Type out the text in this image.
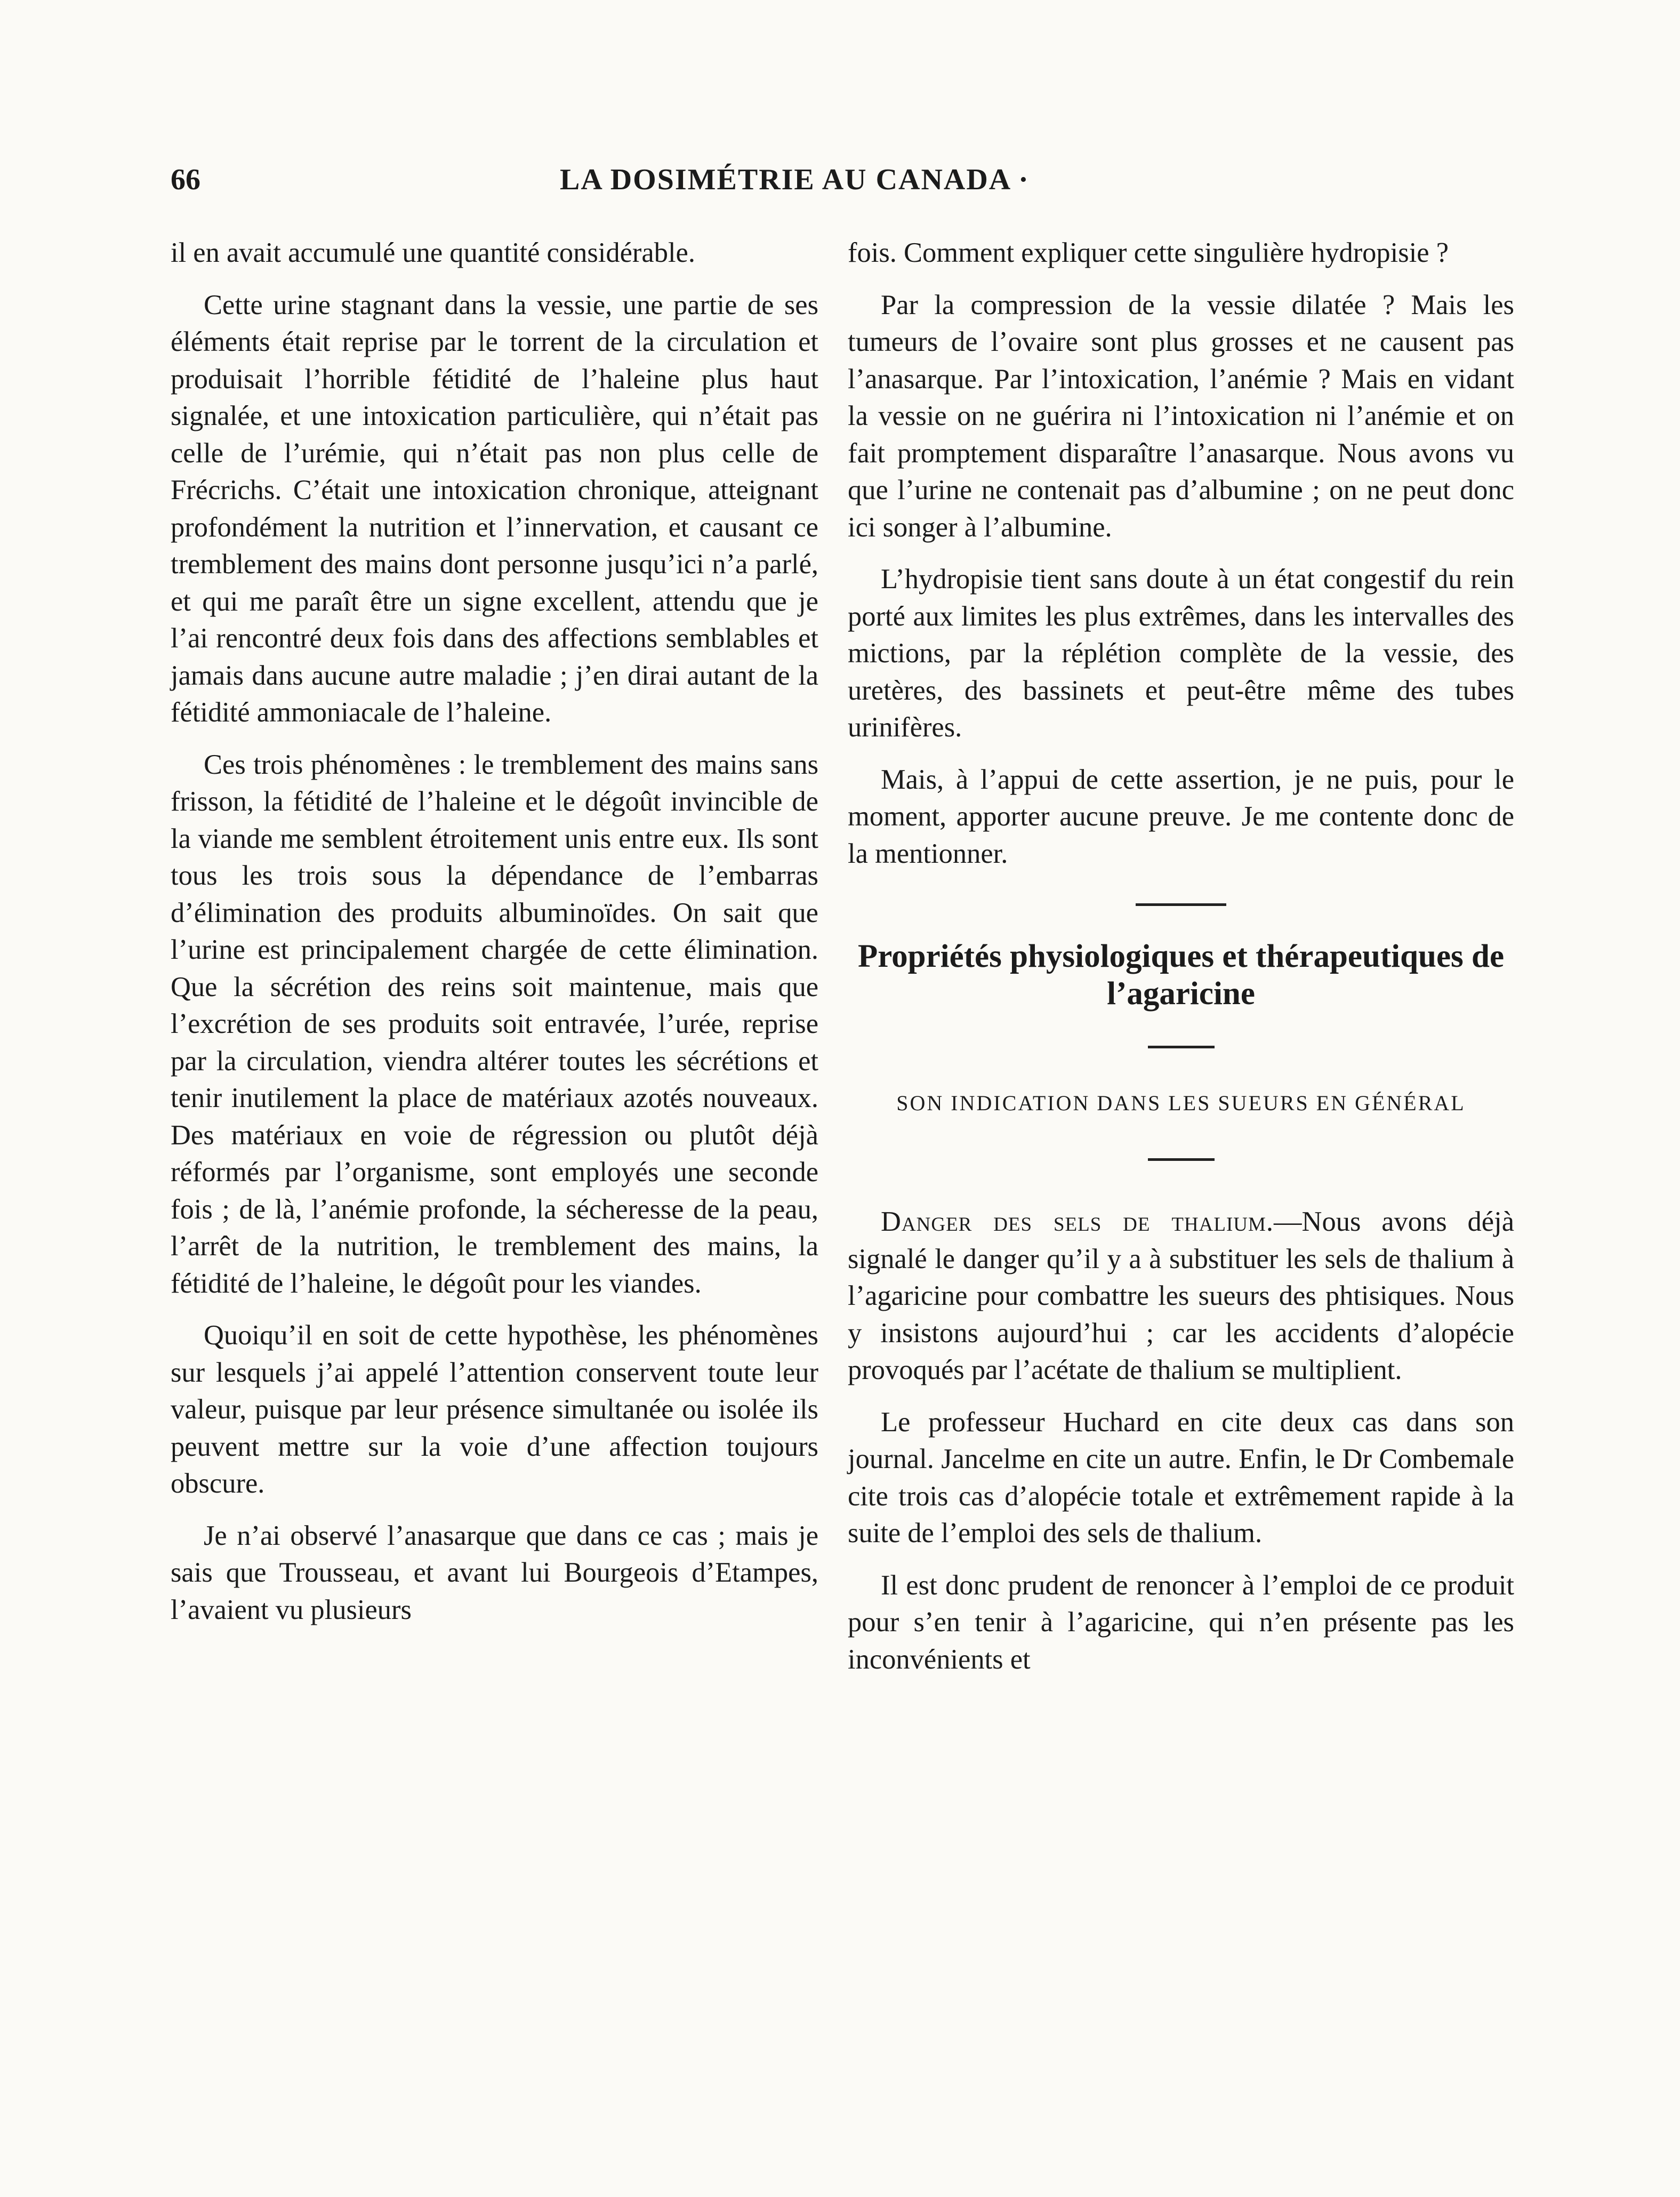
66	LA DOSIMÉTRIE AU CANADA ·

il en avait accumulé une quantité considérable.

Cette urine stagnant dans la vessie, une partie de ses éléments était reprise par le torrent de la circulation et produisait l’horrible fétidité de l’haleine plus haut signalée, et une intoxication particulière, qui n’était pas celle de l’urémie, qui n’était pas non plus celle de Frécrichs. C’était une intoxication chronique, atteignant profondément la nutrition et l’innervation, et causant ce tremblement des mains dont personne jusqu’ici n’a parlé, et qui me paraît être un signe excellent, attendu que je l’ai rencontré deux fois dans des affections semblables et jamais dans aucune autre maladie ; j’en dirai autant de la fétidité ammoniacale de l’haleine.

Ces trois phénomènes : le tremblement des mains sans frisson, la fétidité de l’haleine et le dégoût invincible de la viande me semblent étroitement unis entre eux. Ils sont tous les trois sous la dépendance de l’embarras d’élimination des produits albuminoïdes. On sait que l’urine est principalement chargée de cette élimination. Que la sécrétion des reins soit maintenue, mais que l’excrétion de ses produits soit entravée, l’urée, reprise par la circulation, viendra altérer toutes les sécrétions et tenir inutilement la place de matériaux azotés nouveaux. Des matériaux en voie de régression ou plutôt déjà réformés par l’organisme, sont employés une seconde fois ; de là, l’anémie profonde, la sécheresse de la peau, l’arrêt de la nutrition, le tremblement des mains, la fétidité de l’haleine, le dégoût pour les viandes.

Quoiqu’il en soit de cette hypothèse, les phénomènes sur lesquels j’ai appelé l’attention conservent toute leur valeur, puisque par leur présence simultanée ou isolée ils peuvent mettre sur la voie d’une affection toujours obscure.

Je n’ai observé l’anasarque que dans ce cas ; mais je sais que Trousseau, et avant lui Bourgeois d’Etampes, l’avaient vu plusieurs

fois. Comment expliquer cette singulière hydropisie ?

Par la compression de la vessie dilatée ? Mais les tumeurs de l’ovaire sont plus grosses et ne causent pas l’anasarque. Par l’intoxication, l’anémie ? Mais en vidant la vessie on ne guérira ni l’intoxication ni l’anémie et on fait promptement disparaître l’anasarque. Nous avons vu que l’urine ne contenait pas d’albumine ; on ne peut donc ici songer à l’albumine.

L’hydropisie tient sans doute à un état congestif du rein porté aux limites les plus extrêmes, dans les intervalles des mictions, par la réplétion complète de la vessie, des uretères, des bassinets et peut-être même des tubes urinifères.

Mais, à l’appui de cette assertion, je ne puis, pour le moment, apporter aucune preuve. Je me contente donc de la mentionner.

Propriétés physiologiques et thérapeutiques de l’agaricine
SON INDICATION DANS LES SUEURS EN GÉNÉRAL

Danger des sels de thalium.—Nous avons déjà signalé le danger qu’il y a à substituer les sels de thalium à l’agaricine pour combattre les sueurs des phtisiques. Nous y insistons aujourd’hui ; car les accidents d’alopécie provoqués par l’acétate de thalium se multiplient.

Le professeur Huchard en cite deux cas dans son journal. Jancelme en cite un autre. Enfin, le Dr Combemale cite trois cas d’alopécie totale et extrêmement rapide à la suite de l’emploi des sels de thalium.

Il est donc prudent de renoncer à l’emploi de ce produit pour s’en tenir à l’agaricine, qui n’en présente pas les inconvénients et
